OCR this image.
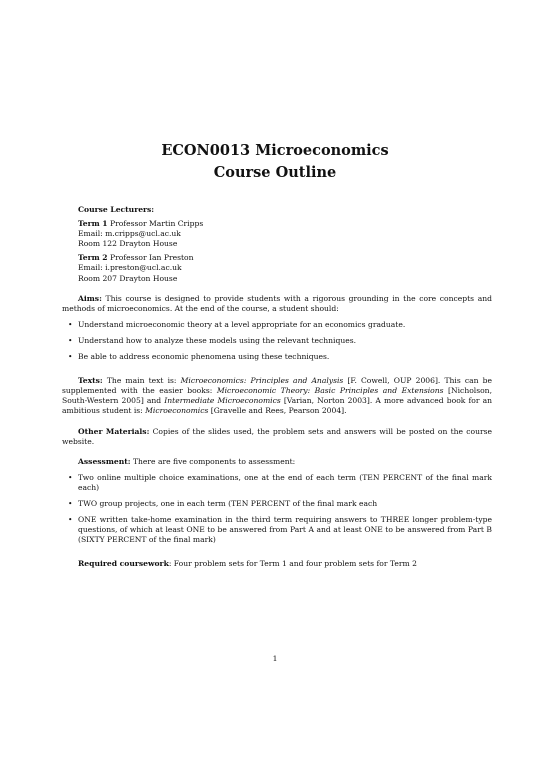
ECON0013 Microeconomics
Course Outline
Course Lecturers:
Term 1 Professor Martin Cripps
Email: m.cripps@ucl.ac.uk
Room 122 Drayton House
Term 2 Professor Ian Preston
Email: i.preston@ucl.ac.uk
Room 207 Drayton House
Aims: This course is designed to provide students with a rigorous grounding in the core concepts and methods of microeconomics. At the end of the course, a student should:
• Understand microeconomic theory at a level appropriate for an economics graduate.
• Understand how to analyze these models using the relevant techniques.
• Be able to address economic phenomena using these techniques.
Texts: The main text is: Microeconomics: Principles and Analysis [F. Cowell, OUP 2006]. This can be supplemented with the easier books: Microeconomic Theory: Basic Principles and Extensions [Nicholson, South-Western 2005] and Intermediate Microeconomics [Varian, Norton 2003]. A more advanced book for an ambitious student is: Microeconomics [Gravelle and Rees, Pearson 2004].
Other Materials: Copies of the slides used, the problem sets and answers will be posted on the course website.
Assessment: There are five components to assessment:
• Two online multiple choice examinations, one at the end of each term (TEN PERCENT of the final mark each)
• TWO group projects, one in each term (TEN PERCENT of the final mark each
• ONE written take-home examination in the third term requiring answers to THREE longer problem-type questions, of which at least ONE to be answered from Part A and at least ONE to be answered from Part B (SIXTY PERCENT of the final mark)
Required coursework: Four problem sets for Term 1 and four problem sets for Term 2
1
